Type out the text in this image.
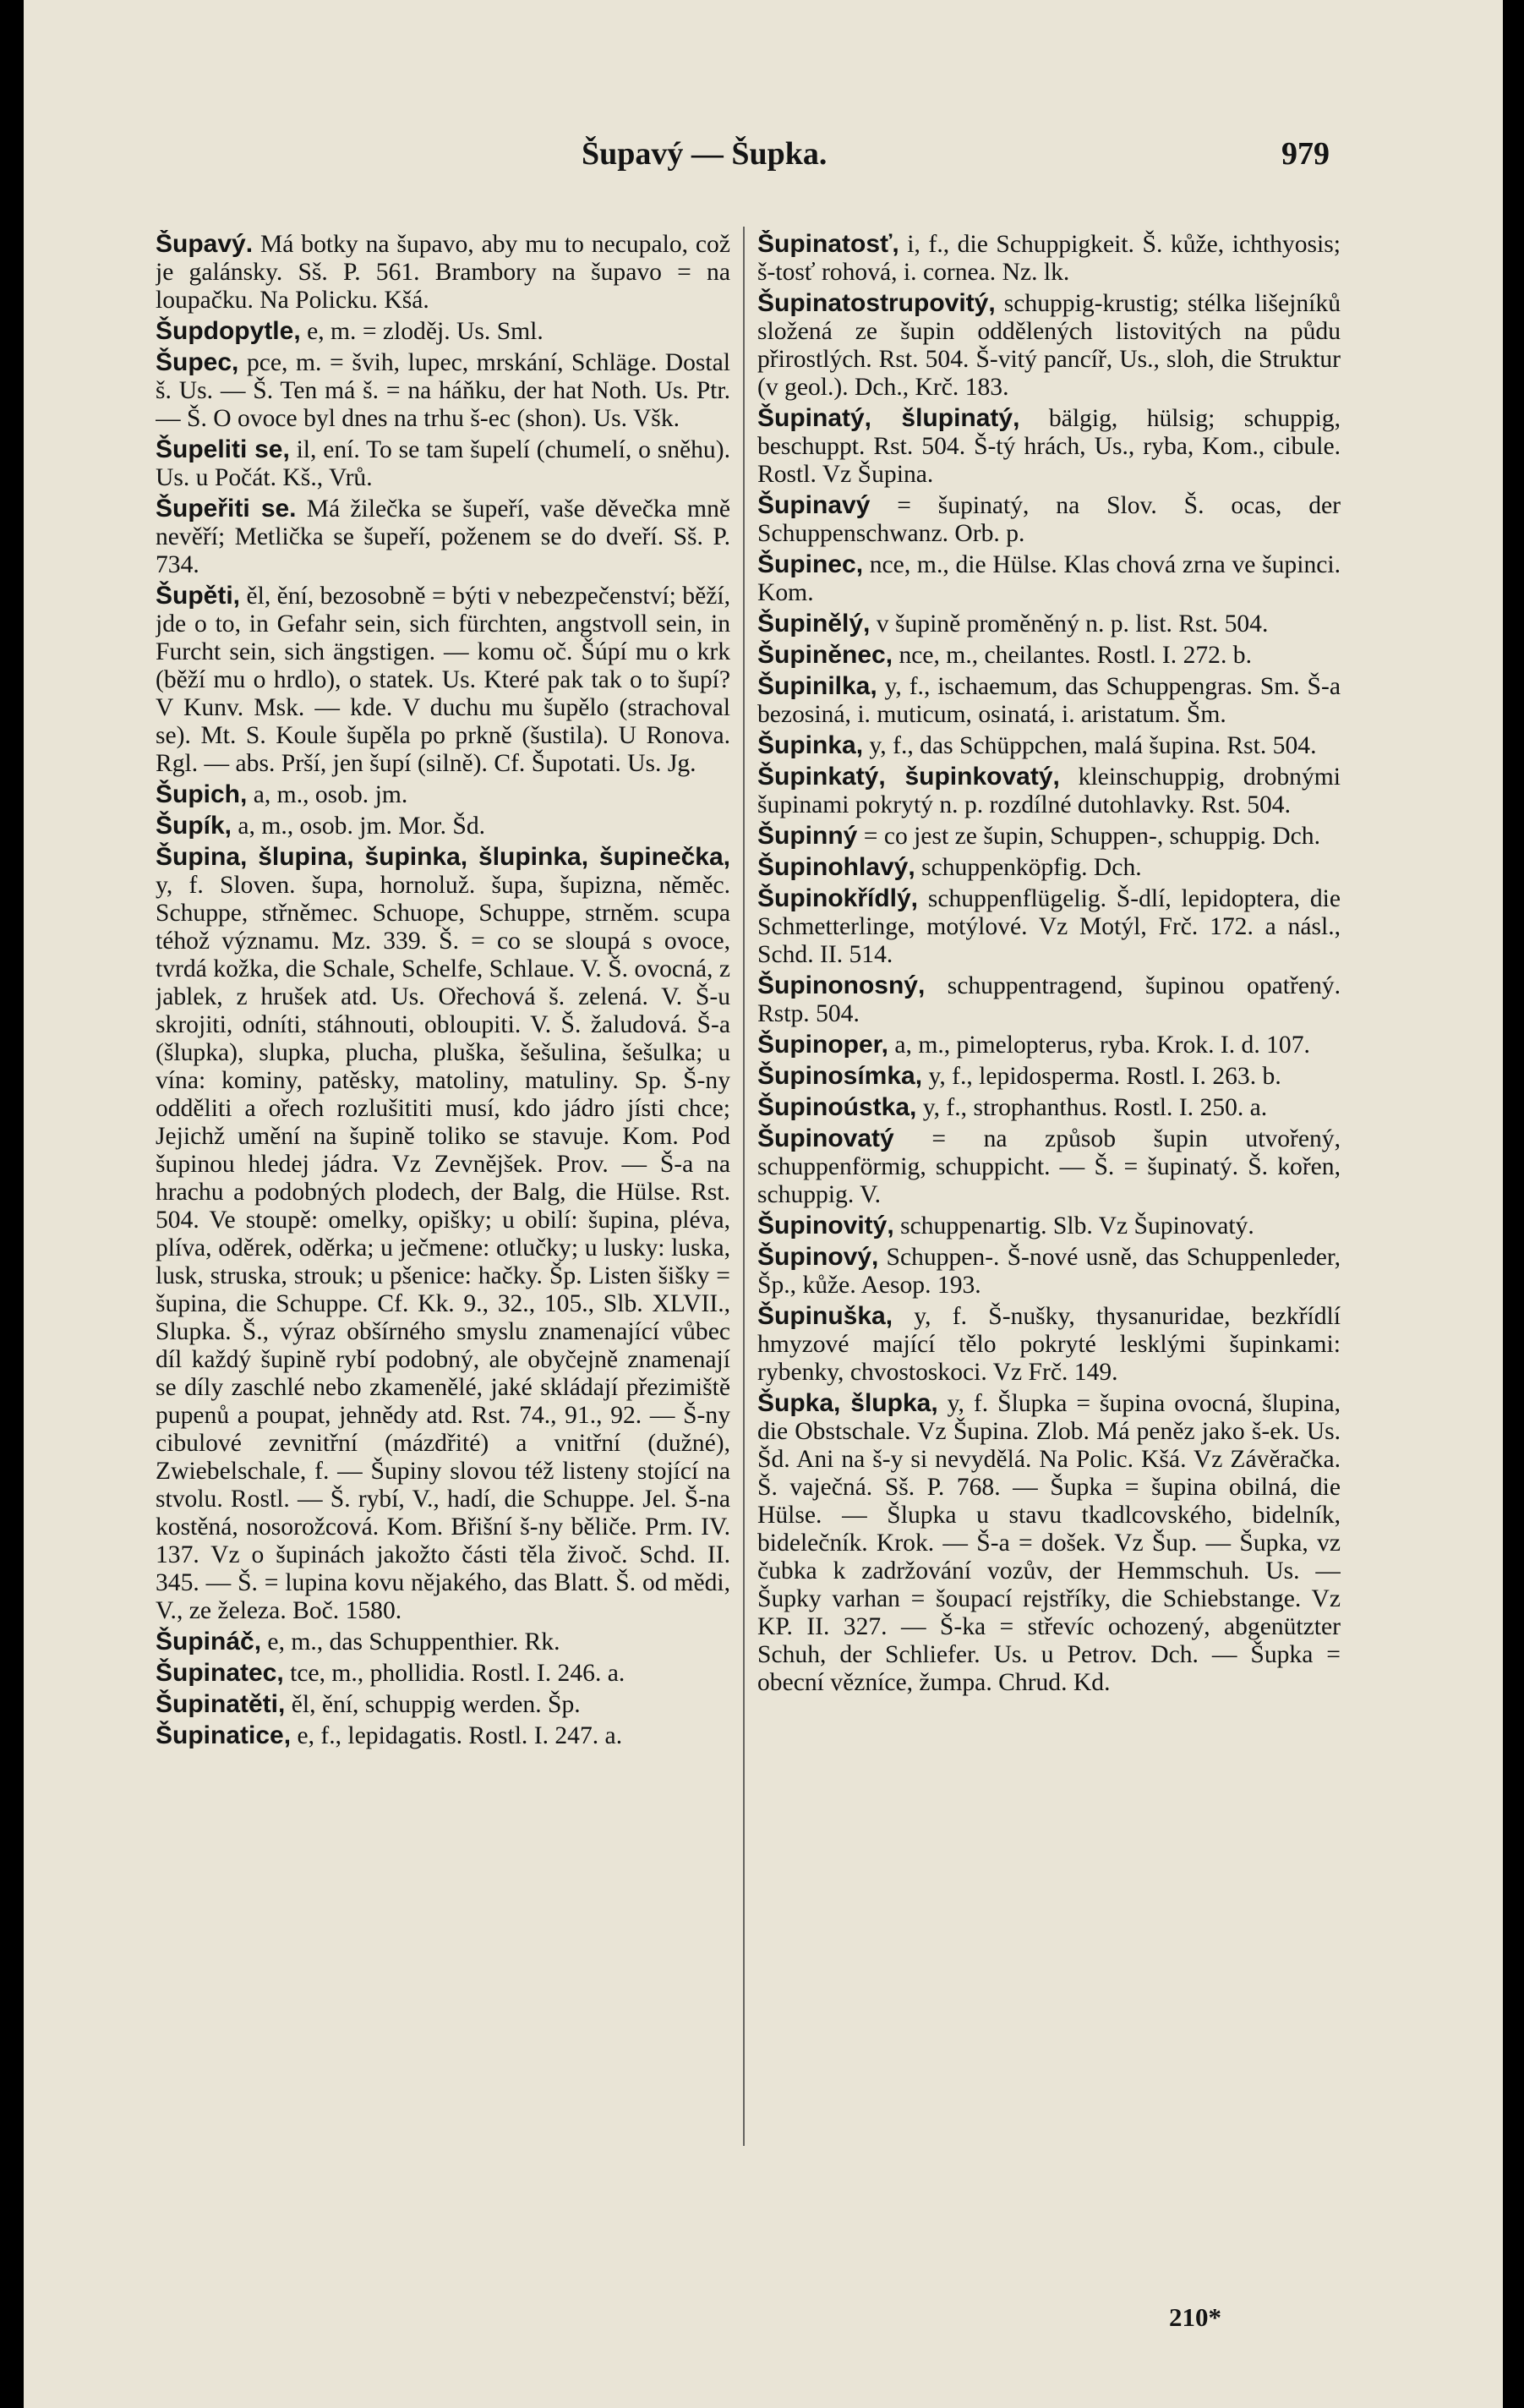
Šupavý — Šupka.	979

Šupavý. Má botky na šupavo, aby mu to necupalo, což je galánsky. Sš. P. 561. Brambory na šupavo = na loupačku. Na Policku. Kšá.

Šupdopytle, e, m. = zloděj. Us. Sml.

Šupec, pce, m. = švih, lupec, mrskání, Schläge. Dostal š. Us. — Š. Ten má š. = na háňku, der hat Noth. Us. Ptr. — Š. O ovoce byl dnes na trhu š-ec (shon). Us. Všk.

Šupeliti se, il, ení. To se tam šupelí (chumelí, o sněhu). Us. u Počát. Kš., Vrů.

Šupeřiti se. Má žilečka se šupeří, vaše děvečka mně nevěří; Metlička se šupeří, poženem se do dveří. Sš. P. 734.

Šupěti, ěl, ění, bezosobně = býti v nebezpečenství; běží, jde o to, in Gefahr sein, sich fürchten, angstvoll sein, in Furcht sein, sich ängstigen. — komu oč. Šúpí mu o krk (běží mu o hrdlo), o statek. Us. Které pak tak o to šupí? V Kunv. Msk. — kde. V duchu mu šupělo (strachoval se). Mt. S. Koule šupěla po prkně (šustila). U Ronova. Rgl. — abs. Prší, jen šupí (silně). Cf. Šupotati. Us. Jg.

Šupich, a, m., osob. jm.

Šupík, a, m., osob. jm. Mor. Šd.

Šupina, šlupina, šupinka, šlupinka, šupinečka, y, f. Sloven. šupa, hornoluž. šupa, šupizna, něměc. Schuppe, střněmec. Schuope, Schuppe, strněm. scupa téhož významu. Mz. 339. Š. = co se sloupá s ovoce, tvrdá kožka, die Schale, Schelfe, Schlaue. V. Š. ovocná, z jablek, z hrušek atd. Us. Ořechová š. zelená. V. Š-u skrojiti, odníti, stáhnouti, obloupiti. V. Š. žaludová. Š-a (šlupka), slupka, plucha, pluška, šešulina, šešulka; u vína: kominy, patěsky, matoliny, matuliny. Sp. Š-ny odděliti a ořech rozlušititi musí, kdo jádro jísti chce; Jejichž umění na šupině toliko se stavuje. Kom. Pod šupinou hledej jádra. Vz Zevnějšek. Prov. — Š-a na hrachu a podobných plodech, der Balg, die Hülse. Rst. 504. Ve stoupě: omelky, opišky; u obilí: šupina, pléva, plíva, oděrek, oděrka; u ječmene: otlučky; u lusky: luska, lusk, struska, strouk; u pšenice: hačky. Šp. Listen šišky = šupina, die Schuppe. Cf. Kk. 9., 32., 105., Slb. XLVII., Slupka. Š., výraz obšírného smyslu znamenající vůbec díl každý šupině rybí podobný, ale obyčejně znamenají se díly zaschlé nebo zkamenělé, jaké skládají přezimiště pupenů a poupat, jehnědy atd. Rst. 74., 91., 92. — Š-ny cibulové zevnitřní (mázdřité) a vnitřní (dužné), Zwiebelschale, f. — Šupiny slovou též listeny stojící na stvolu. Rostl. — Š. rybí, V., hadí, die Schuppe. Jel. Š-na kostěná, nosorožcová. Kom. Břišní š-ny běliče. Prm. IV. 137. Vz o šupinách jakožto části těla živoč. Schd. II. 345. — Š. = lupina kovu nějakého, das Blatt. Š. od mědi, V., ze železa. Boč. 1580.

Šupináč, e, m., das Schuppenthier. Rk.

Šupinatec, tce, m., phollidia. Rostl. I. 246. a.

Šupinatěti, ěl, ění, schuppig werden. Šp.

Šupinatice, e, f., lepidagatis. Rostl. I. 247. a.

Šupinatosť, i, f., die Schuppigkeit. Š. kůže, ichthyosis; š-tosť rohová, i. cornea. Nz. lk.

Šupinatostrupovitý, schuppig-krustig; stélka lišejníků složená ze šupin oddělených listovitých na půdu přirostlých. Rst. 504. Š-vitý pancíř, Us., sloh, die Struktur (v geol.). Dch., Krč. 183.

Šupinatý, šlupinatý, bälgig, hülsig; schuppig, beschuppt. Rst. 504. Š-tý hrách, Us., ryba, Kom., cibule. Rostl. Vz Šupina.

Šupinavý = šupinatý, na Slov. Š. ocas, der Schuppenschwanz. Orb. p.

Šupinec, nce, m., die Hülse. Klas chová zrna ve šupinci. Kom.

Šupinělý, v šupině proměněný n. p. list. Rst. 504.

Šupiněnec, nce, m., cheilantes. Rostl. I. 272. b.

Šupinilka, y, f., ischaemum, das Schuppengras. Sm. Š-a bezosiná, i. muticum, osinatá, i. aristatum. Šm.

Šupinka, y, f., das Schüppchen, malá šupina. Rst. 504.

Šupinkatý, šupinkovatý, kleinschuppig, drobnými šupinami pokrytý n. p. rozdílné dutohlavky. Rst. 504.

Šupinný = co jest ze šupin, Schuppen-, schuppig. Dch.

Šupinohlavý, schuppenköpfig. Dch.

Šupinokřídlý, schuppenflügelig. Š-dlí, lepidoptera, die Schmetterlinge, motýlové. Vz Motýl, Frč. 172. a násl., Schd. II. 514.

Šupinonosný, schuppentragend, šupinou opatřený. Rstp. 504.

Šupinoper, a, m., pimelopterus, ryba. Krok. I. d. 107.

Šupinosímka, y, f., lepidosperma. Rostl. I. 263. b.

Šupinoústka, y, f., strophanthus. Rostl. I. 250. a.

Šupinovatý = na způsob šupin utvořený, schuppenförmig, schuppicht. — Š. = šupinatý. Š. kořen, schuppig. V.

Šupinovitý, schuppenartig. Slb. Vz Šupinovatý.

Šupinový, Schuppen-. Š-nové usně, das Schuppenleder, Šp., kůže. Aesop. 193.

Šupinuška, y, f. Š-nušky, thysanuridae, bezkřídlí hmyzové mající tělo pokryté lesklými šupinkami: rybenky, chvostoskoci. Vz Frč. 149.

Šupka, šlupka, y, f. Šlupka = šupina ovocná, šlupina, die Obstschale. Vz Šupina. Zlob. Má peněz jako š-ek. Us. Šd. Ani na š-y si nevydělá. Na Polic. Kšá. Vz Závěračka. Š. vaječná. Sš. P. 768. — Šupka = šupina obilná, die Hülse. — Šlupka u stavu tkadlcovského, bidelník, bidelečník. Krok. — Š-a = došek. Vz Šup. — Šupka, vz čubka k zadržování vozův, der Hemmschuh. Us. — Šupky varhan = šoupací rejstříky, die Schiebstange. Vz KP. II. 327. — Š-ka = střevíc ochozený, abgenützter Schuh, der Schliefer. Us. u Petrov. Dch. — Šupka = obecní vězníce, žumpa. Chrud. Kd.

210*
